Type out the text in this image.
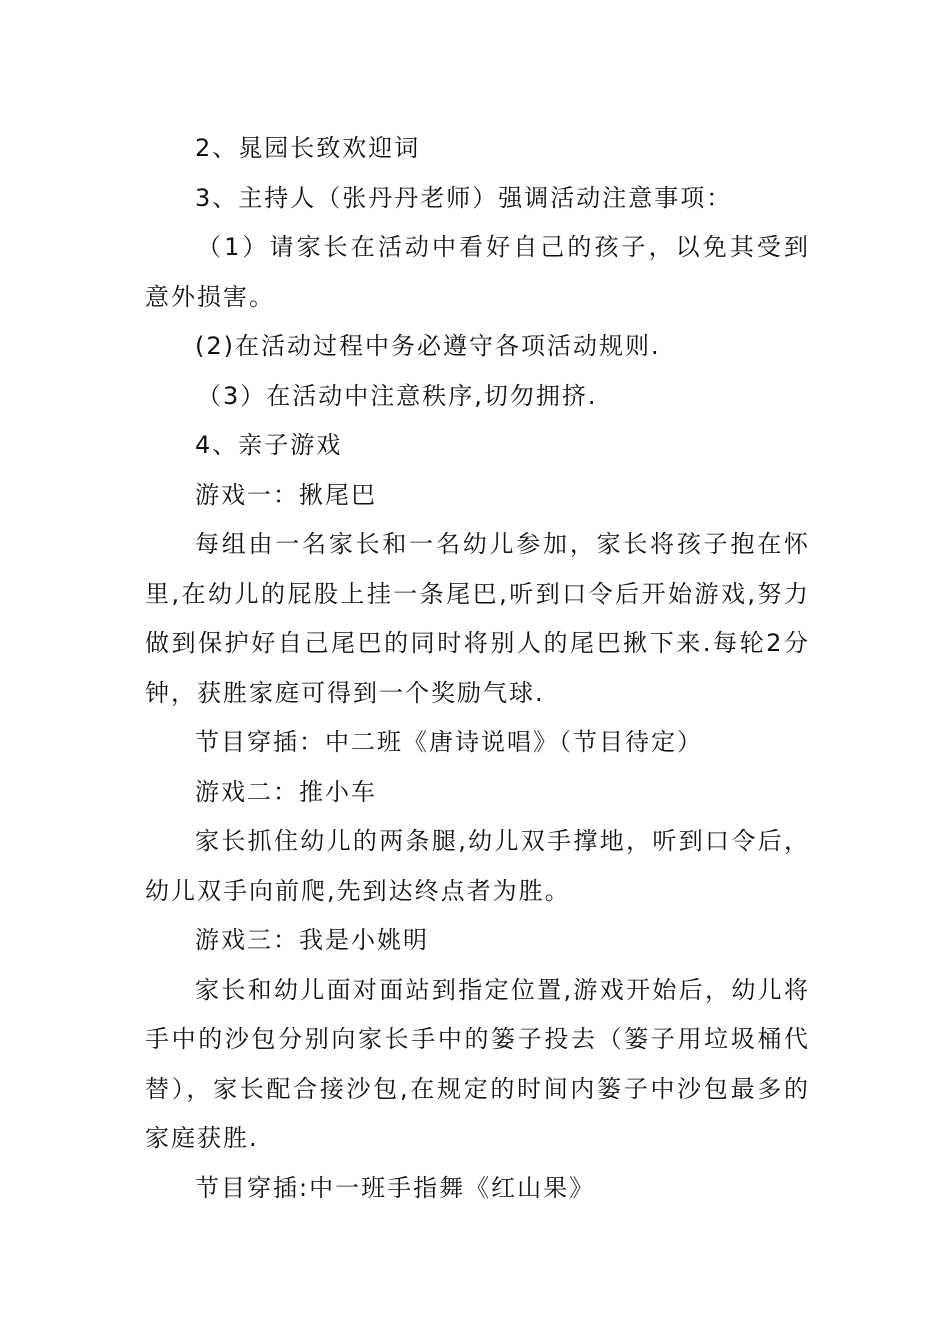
2、晁园长致欢迎词

3、主持人（张丹丹老师）强调活动注意事项：

（1）请家长在活动中看好自己的孩子，以免其受到意外损害。

(2)在活动过程中务必遵守各项活动规则.

（3）在活动中注意秩序,切勿拥挤.

4、亲子游戏

游戏一：揪尾巴

每组由一名家长和一名幼儿参加，家长将孩子抱在怀里,在幼儿的屁股上挂一条尾巴,听到口令后开始游戏,努力做到保护好自己尾巴的同时将别人的尾巴揪下来.每轮2分钟，获胜家庭可得到一个奖励气球.

节目穿插：中二班《唐诗说唱》（节目待定）

游戏二：推小车

家长抓住幼儿的两条腿,幼儿双手撑地，听到口令后，幼儿双手向前爬,先到达终点者为胜。

游戏三：我是小姚明

家长和幼儿面对面站到指定位置,游戏开始后，幼儿将手中的沙包分别向家长手中的篓子投去（篓子用垃圾桶代替），家长配合接沙包,在规定的时间内篓子中沙包最多的家庭获胜.

节目穿插:中一班手指舞《红山果》
